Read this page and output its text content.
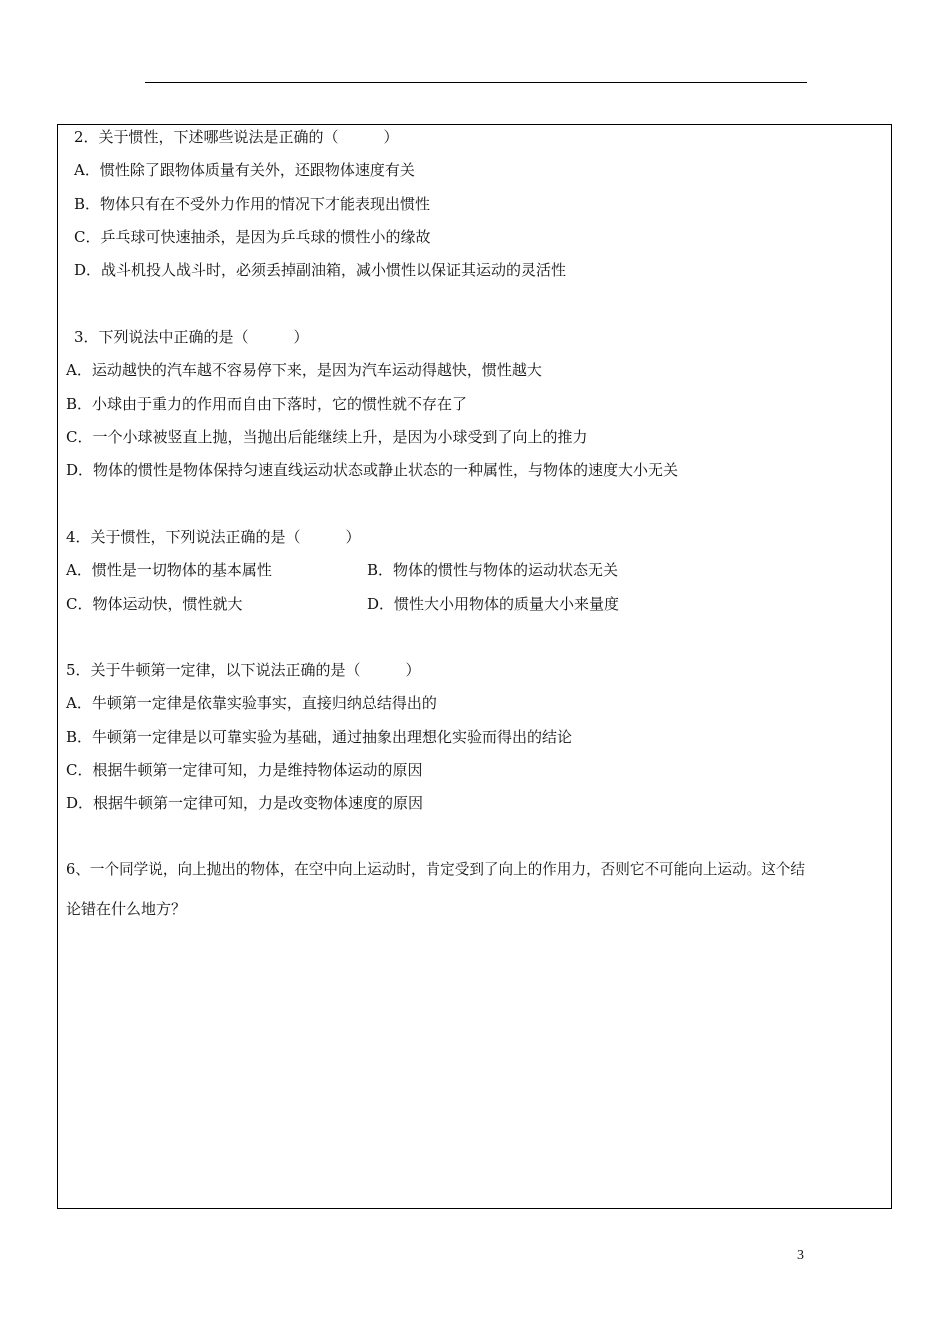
2．关于惯性，下述哪些说法是正确的（　　　）
A．惯性除了跟物体质量有关外，还跟物体速度有关
B．物体只有在不受外力作用的情况下才能表现出惯性
C．乒乓球可快速抽杀，是因为乒乓球的惯性小的缘故
D．战斗机投人战斗时，必须丢掉副油箱，减小惯性以保证其运动的灵活性
3．下列说法中正确的是（　　　）
A．运动越快的汽车越不容易停下来，是因为汽车运动得越快，惯性越大
B．小球由于重力的作用而自由下落时，它的惯性就不存在了
C．一个小球被竖直上抛，当抛出后能继续上升，是因为小球受到了向上的推力
D．物体的惯性是物体保持匀速直线运动状态或静止状态的一种属性，与物体的速度大小无关
4．关于惯性，下列说法正确的是（　　　）
A．惯性是一切物体的基本属性	B．物体的惯性与物体的运动状态无关
C．物体运动快，惯性就大	D．惯性大小用物体的质量大小来量度
5．关于牛顿第一定律，以下说法正确的是（　　　）
A．牛顿第一定律是依靠实验事实，直接归纳总结得出的
B．牛顿第一定律是以可靠实验为基础，通过抽象出理想化实验而得出的结论
C．根据牛顿第一定律可知，力是维持物体运动的原因
D．根据牛顿第一定律可知，力是改变物体速度的原因
6、一个同学说，向上抛出的物体，在空中向上运动时，肯定受到了向上的作用力，否则它不可能向上运动。这个结
论错在什么地方？
3
